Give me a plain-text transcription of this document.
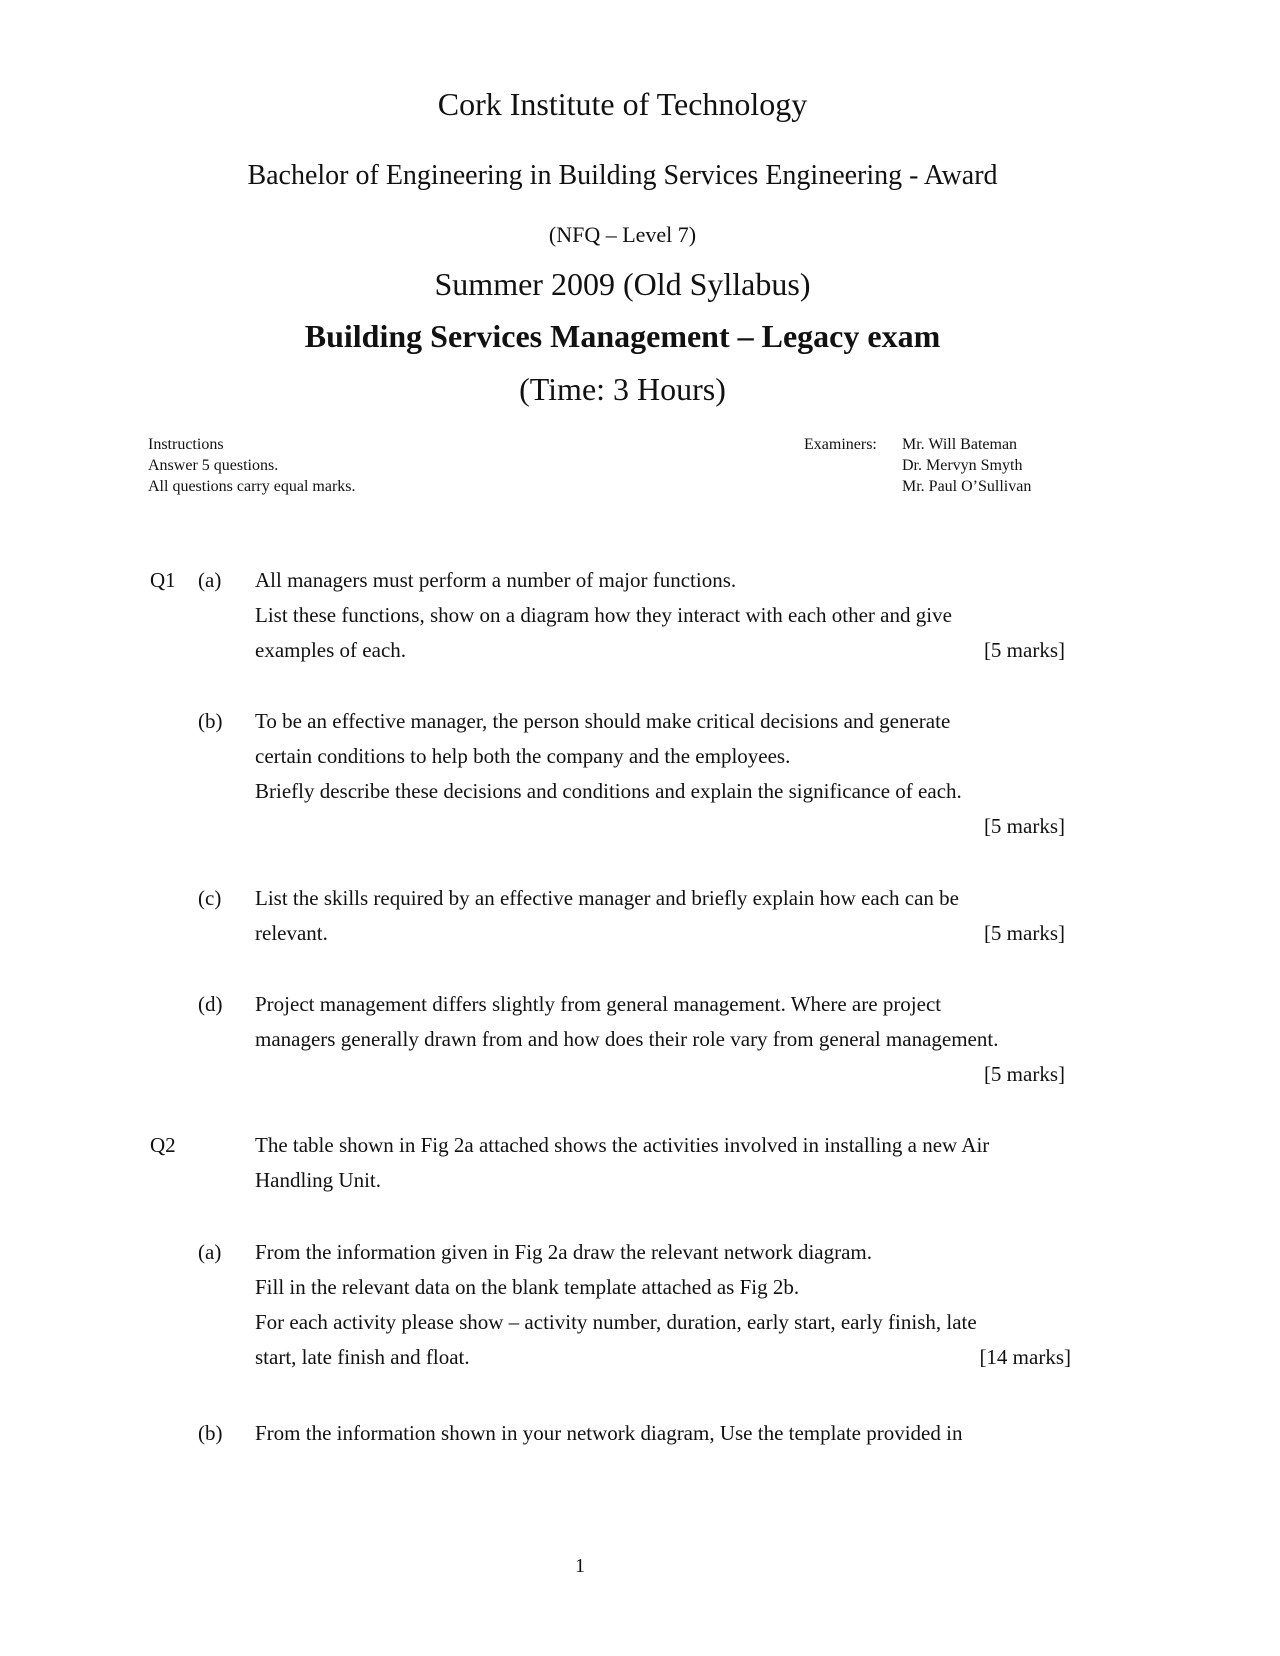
Cork Institute of Technology
Bachelor of Engineering in Building Services Engineering - Award
(NFQ – Level 7)
Summer 2009 (Old Syllabus)
Building Services Management – Legacy exam
(Time: 3 Hours)
Instructions
Answer 5 questions.
All questions carry equal marks.
Examiners: Mr. Will Bateman
Dr. Mervyn Smyth
Mr. Paul O’Sullivan
Q1 (a) All managers must perform a number of major functions.
List these functions, show on a diagram how they interact with each other and give
examples of each.	[5 marks]
(b) To be an effective manager, the person should make critical decisions and generate
certain conditions to help both the company and the employees.
Briefly describe these decisions and conditions and explain the significance of each.
[5 marks]
(c) List the skills required by an effective manager and briefly explain how each can be
relevant.	[5 marks]
(d) Project management differs slightly from general management. Where are project
managers generally drawn from and how does their role vary from general management.
[5 marks]
Q2	The table shown in Fig 2a attached shows the activities involved in installing a new Air
Handling Unit.
(a) From the information given in Fig 2a draw the relevant network diagram.
Fill in the relevant data on the blank template attached as Fig 2b.
For each activity please show – activity number, duration, early start, early finish, late
start, late finish and float.	[14 marks]
(b) From the information shown in your network diagram, Use the template provided in
1
